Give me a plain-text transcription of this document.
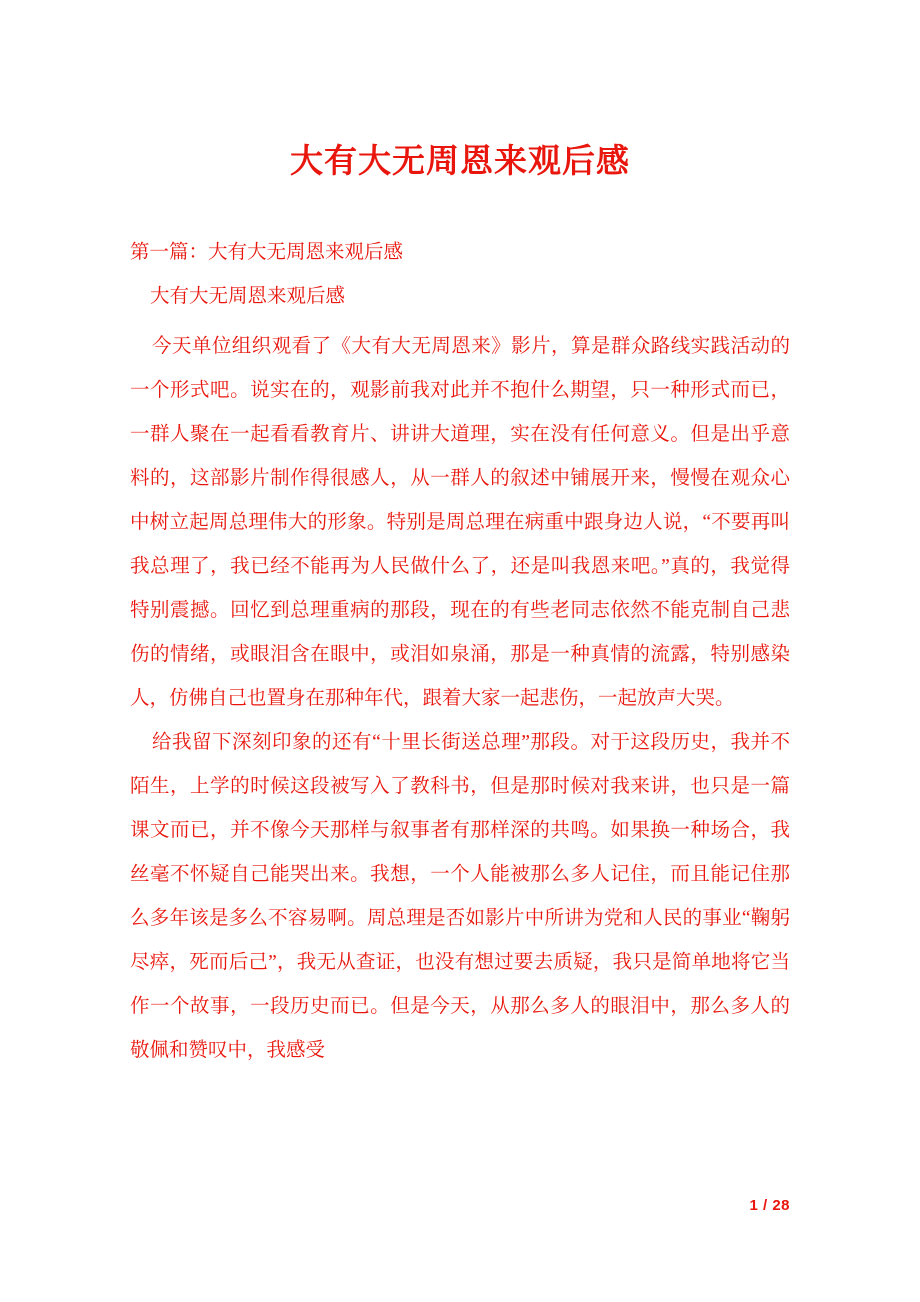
大有大无周恩来观后感

第一篇：大有大无周恩来观后感

大有大无周恩来观后感

今天单位组织观看了《大有大无周恩来》影片，算是群众路线实践活动的一个形式吧。说实在的，观影前我对此并不抱什么期望，只一种形式而已，一群人聚在一起看看教育片、讲讲大道理，实在没有任何意义。但是出乎意料的，这部影片制作得很感人，从一群人的叙述中铺展开来，慢慢在观众心中树立起周总理伟大的形象。特别是周总理在病重中跟身边人说，“不要再叫我总理了，我已经不能再为人民做什么了，还是叫我恩来吧。”真的，我觉得特别震撼。回忆到总理重病的那段，现在的有些老同志依然不能克制自己悲伤的情绪，或眼泪含在眼中，或泪如泉涌，那是一种真情的流露，特别感染人，仿佛自己也置身在那种年代，跟着大家一起悲伤，一起放声大哭。

给我留下深刻印象的还有“十里长街送总理”那段。对于这段历史，我并不陌生，上学的时候这段被写入了教科书，但是那时候对我来讲，也只是一篇课文而已，并不像今天那样与叙事者有那样深的共鸣。如果换一种场合，我丝毫不怀疑自己能哭出来。我想，一个人能被那么多人记住，而且能记住那么多年该是多么不容易啊。周总理是否如影片中所讲为党和人民的事业“鞠躬尽瘁，死而后己”，我无从查证，也没有想过要去质疑，我只是简单地将它当作一个故事，一段历史而已。但是今天，从那么多人的眼泪中，那么多人的敬佩和赞叹中，我感受

1 / 28
